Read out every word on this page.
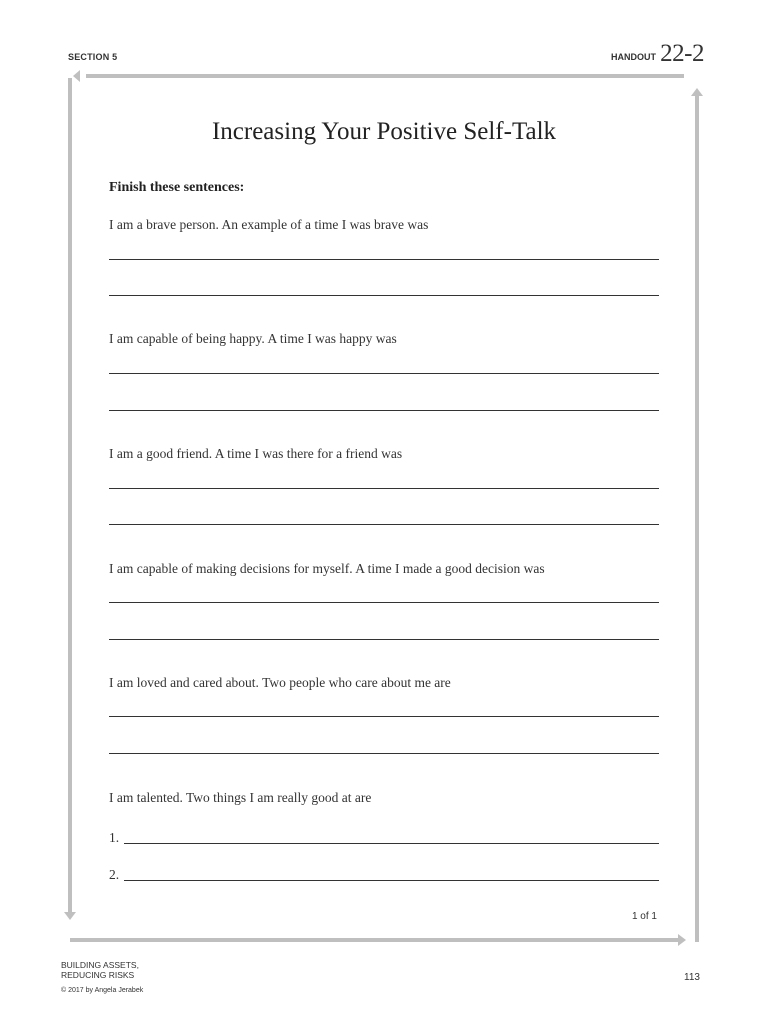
SECTION 5	HANDOUT 22-2
Increasing Your Positive Self-Talk
Finish these sentences:
I am a brave person. An example of a time I was brave was
I am capable of being happy. A time I was happy was
I am a good friend. A time I was there for a friend was
I am capable of making decisions for myself. A time I made a good decision was
I am loved and cared about. Two people who care about me are
I am talented. Two things I am really good at are
1.
2.
1 of 1
BUILDING ASSETS,
REDUCING RISKS
© 2017 by Angela Jerabek
113
